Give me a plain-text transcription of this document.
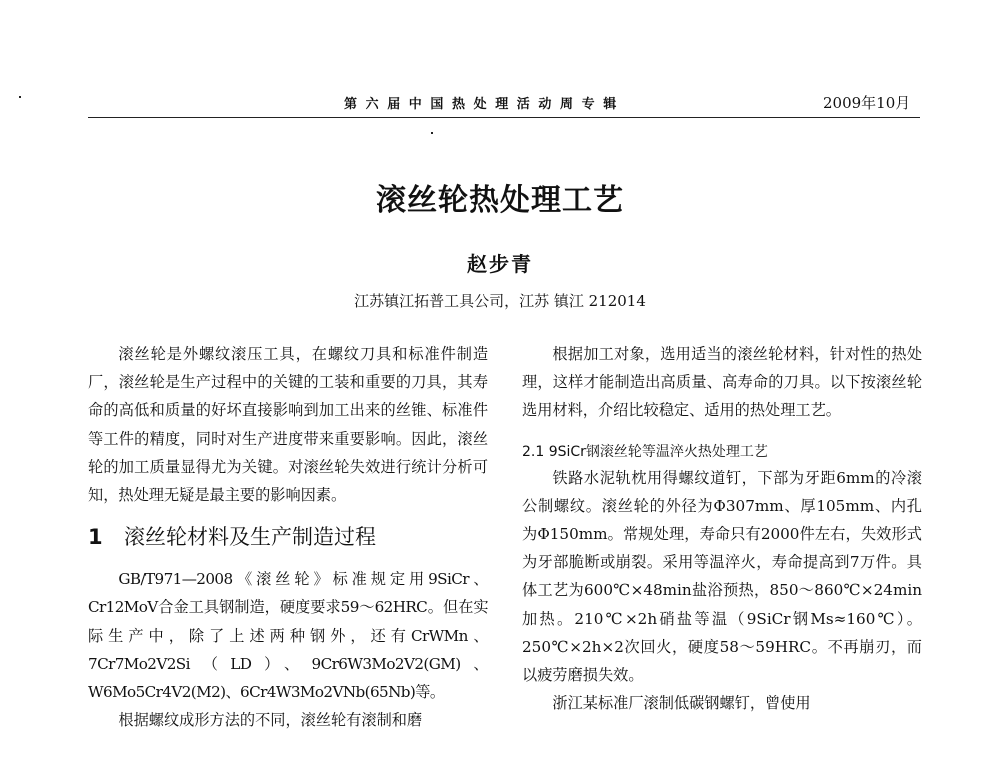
第六届中国热处理活动周专辑	2009年10月
滚丝轮热处理工艺
赵步青
江苏镇江拓普工具公司，江苏 镇江 212014

滚丝轮是外螺纹滚压工具，在螺纹刀具和标准件制造厂，滚丝轮是生产过程中的关键的工装和重要的刀具，其寿命的高低和质量的好坏直接影响到加工出来的丝锥、标准件等工件的精度，同时对生产进度带来重要影响。因此，滚丝轮的加工质量显得尤为关键。对滚丝轮失效进行统计分析可知，热处理无疑是最主要的影响因素。

1 滚丝轮材料及生产制造过程

GB/T971—2008《滚丝轮》标准规定用9SiCr、Cr12MoV合金工具钢制造，硬度要求59～62HRC。但在实际生产中，除了上述两种钢外，还有CrWMn、7Cr7Mo2V2Si（LD）、9Cr6W3Mo2V2(GM)、W6Mo5Cr4V2(M2)、6Cr4W3Mo2VNb(65Nb)等。

根据螺纹成形方法的不同，滚丝轮有滚制和磨

根据加工对象，选用适当的滚丝轮材料，针对性的热处理，这样才能制造出高质量、高寿命的刀具。以下按滚丝轮选用材料，介绍比较稳定、适用的热处理工艺。

2.1 9SiCr钢滚丝轮等温淬火热处理工艺

铁路水泥轨枕用得螺纹道钉，下部为牙距6mm的冷滚公制螺纹。滚丝轮的外径为Φ307mm、厚105mm、内孔为Φ150mm。常规处理，寿命只有2000件左右，失效形式为牙部脆断或崩裂。采用等温淬火，寿命提高到7万件。具体工艺为600℃×48min盐浴预热，850～860℃×24min加热。210℃×2h硝盐等温（9SiCr钢Ms≈160℃）。250℃×2h×2次回火，硬度58～59HRC。不再崩刃，而以疲劳磨损失效。

浙江某标准厂滚制低碳钢螺钉，曾使用
